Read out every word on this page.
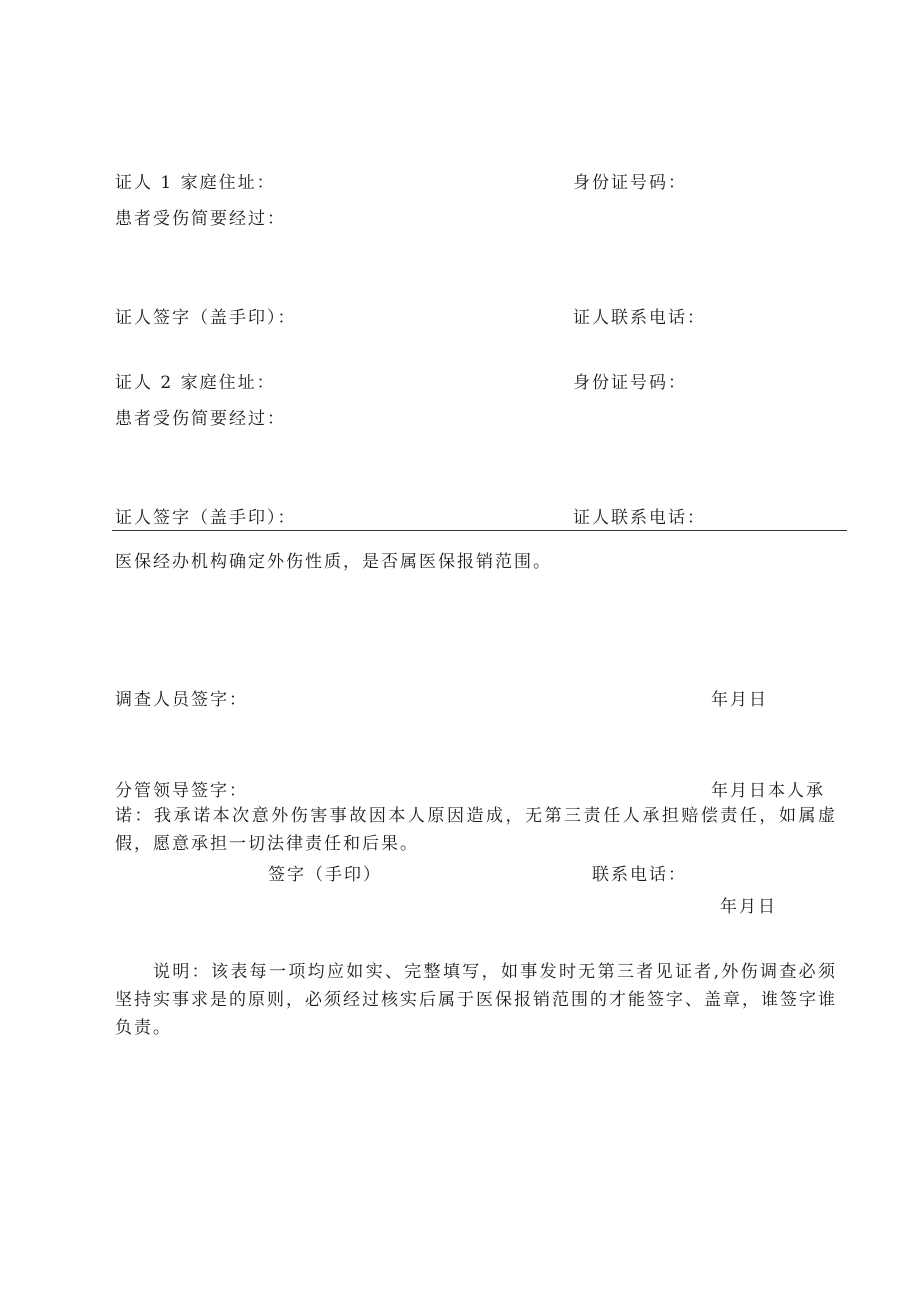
证人 1 家庭住址：	身份证号码：
患者受伤简要经过：
证人签字（盖手印）：	证人联系电话：
证人 2 家庭住址：	身份证号码：
患者受伤简要经过：
证人签字（盖手印）：	证人联系电话：
医保经办机构确定外伤性质，是否属医保报销范围。
调查人员签字：	年月日
分管领导签字：	年月日本人承
诺：我承诺本次意外伤害事故因本人原因造成，无第三责任人承担赔偿责任，如属虚假，愿意承担一切法律责任和后果。
签字（手印）	联系电话：
年月日
说明：该表每一项均应如实、完整填写，如事发时无第三者见证者,外伤调查必须坚持实事求是的原则，必须经过核实后属于医保报销范围的才能签字、盖章，谁签字谁负责。
